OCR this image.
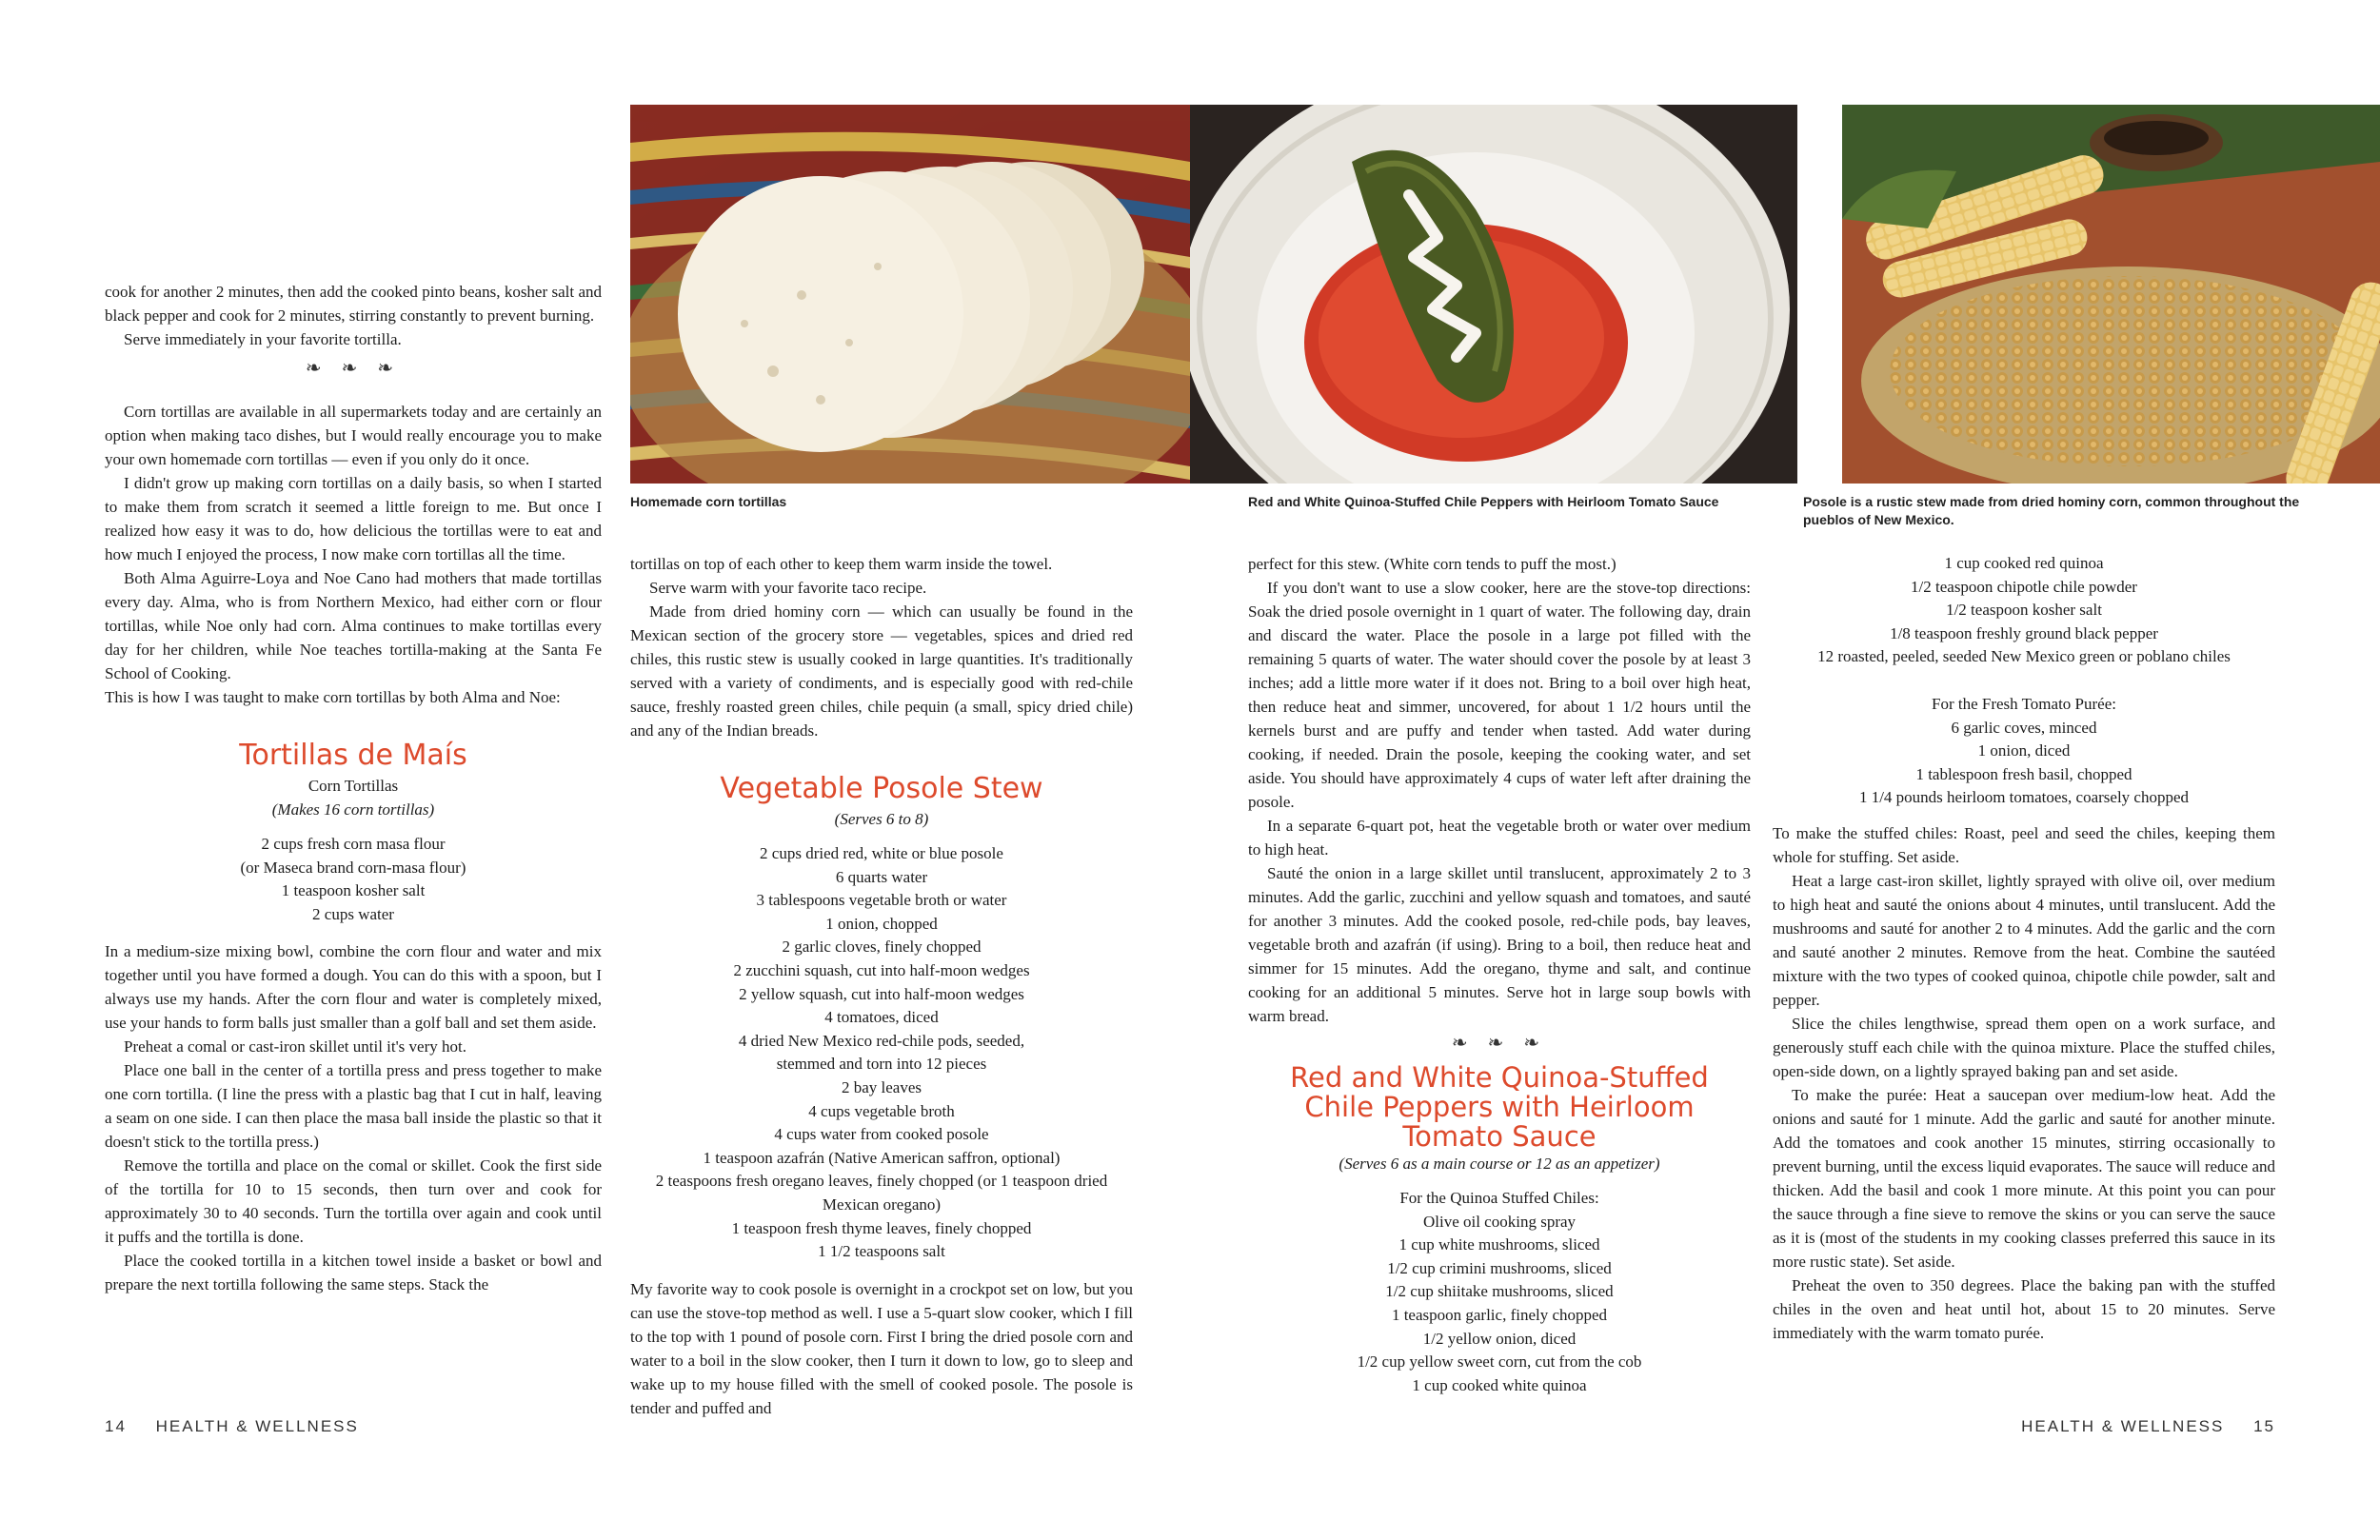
Homemade corn tortillas	Red and White Quinoa-Stuffed Chile Peppers with Heirloom Tomato Sauce	Posole is a rustic stew made from dried hominy corn, common throughout the pueblos of New Mexico.

cook for another 2 minutes, then add the cooked pinto beans, kosher salt and black pepper and cook for 2 minutes, stirring constantly to prevent burning.

Serve immediately in your favorite tortilla.

❧ ❧ ❧

Corn tortillas are available in all supermarkets today and are certainly an option when making taco dishes, but I would really encourage you to make your own homemade corn tortillas — even if you only do it once.

I didn't grow up making corn tortillas on a daily basis, so when I started to make them from scratch it seemed a little foreign to me. But once I realized how easy it was to do, how delicious the tortillas were to eat and how much I enjoyed the process, I now make corn tortillas all the time.

Both Alma Aguirre-Loya and Noe Cano had mothers that made tortillas every day. Alma, who is from Northern Mexico, had either corn or flour tortillas, while Noe only had corn. Alma continues to make tortillas every day for her children, while Noe teaches tortilla-making at the Santa Fe School of Cooking.

This is how I was taught to make corn tortillas by both Alma and Noe:

Tortillas de Maís
Corn Tortillas
(Makes 16 corn tortillas)
2 cups fresh corn masa flour
(or Maseca brand corn-masa flour)
1 teaspoon kosher salt
2 cups water

In a medium-size mixing bowl, combine the corn flour and water and mix together until you have formed a dough. You can do this with a spoon, but I always use my hands. After the corn flour and water is completely mixed, use your hands to form balls just smaller than a golf ball and set them aside.

Preheat a comal or cast-iron skillet until it's very hot.

Place one ball in the center of a tortilla press and press together to make one corn tortilla. (I line the press with a plastic bag that I cut in half, leaving a seam on one side. I can then place the masa ball inside the plastic so that it doesn't stick to the tortilla press.)

Remove the tortilla and place on the comal or skillet. Cook the first side of the tortilla for 10 to 15 seconds, then turn over and cook for approximately 30 to 40 seconds. Turn the tortilla over again and cook until it puffs and the tortilla is done.

Place the cooked tortilla in a kitchen towel inside a basket or bowl and prepare the next tortilla following the same steps. Stack the

tortillas on top of each other to keep them warm inside the towel.

Serve warm with your favorite taco recipe.

Made from dried hominy corn — which can usually be found in the Mexican section of the grocery store — vegetables, spices and dried red chiles, this rustic stew is usually cooked in large quantities. It's traditionally served with a variety of condiments, and is especially good with red-chile sauce, freshly roasted green chiles, chile pequin (a small, spicy dried chile) and any of the Indian breads.

Vegetable Posole Stew
(Serves 6 to 8)
2 cups dried red, white or blue posole
6 quarts water
3 tablespoons vegetable broth or water
1 onion, chopped
2 garlic cloves, finely chopped
2 zucchini squash, cut into half-moon wedges
2 yellow squash, cut into half-moon wedges
4 tomatoes, diced
4 dried New Mexico red-chile pods, seeded,
stemmed and torn into 12 pieces
2 bay leaves
4 cups vegetable broth
4 cups water from cooked posole
1 teaspoon azafrán (Native American saffron, optional)
2 teaspoons fresh oregano leaves, finely chopped (or 1 teaspoon dried
Mexican oregano)
1 teaspoon fresh thyme leaves, finely chopped
1 1/2 teaspoons salt

My favorite way to cook posole is overnight in a crockpot set on low, but you can use the stove-top method as well. I use a 5-quart slow cooker, which I fill to the top with 1 pound of posole corn. First I bring the dried posole corn and water to a boil in the slow cooker, then I turn it down to low, go to sleep and wake up to my house filled with the smell of cooked posole. The posole is tender and puffed and

perfect for this stew. (White corn tends to puff the most.)

If you don't want to use a slow cooker, here are the stove-top directions: Soak the dried posole overnight in 1 quart of water. The following day, drain and discard the water. Place the posole in a large pot filled with the remaining 5 quarts of water. The water should cover the posole by at least 3 inches; add a little more water if it does not. Bring to a boil over high heat, then reduce heat and simmer, uncovered, for about 1 1/2 hours until the kernels burst and are puffy and tender when tasted. Add water during cooking, if needed. Drain the posole, keeping the cooking water, and set aside. You should have approximately 4 cups of water left after draining the posole.

In a separate 6-quart pot, heat the vegetable broth or water over medium to high heat.

Sauté the onion in a large skillet until translucent, approximately 2 to 3 minutes. Add the garlic, zucchini and yellow squash and tomatoes, and sauté for another 3 minutes. Add the cooked posole, red-chile pods, bay leaves, vegetable broth and azafrán (if using). Bring to a boil, then reduce heat and simmer for 15 minutes. Add the oregano, thyme and salt, and continue cooking for an additional 5 minutes. Serve hot in large soup bowls with warm bread.

❧ ❧ ❧
Red and White Quinoa-Stuffed
Chile Peppers with Heirloom
Tomato Sauce
(Serves 6 as a main course or 12 as an appetizer)
For the Quinoa Stuffed Chiles:
Olive oil cooking spray
1 cup white mushrooms, sliced
1/2 cup crimini mushrooms, sliced
1/2 cup shiitake mushrooms, sliced
1 teaspoon garlic, finely chopped
1/2 yellow onion, diced
1/2 cup yellow sweet corn, cut from the cob
1 cup cooked white quinoa
1 cup cooked red quinoa
1/2 teaspoon chipotle chile powder
1/2 teaspoon kosher salt
1/8 teaspoon freshly ground black pepper
12 roasted, peeled, seeded New Mexico green or poblano chiles
For the Fresh Tomato Purée:
6 garlic coves, minced
1 onion, diced
1 tablespoon fresh basil, chopped
1 1/4 pounds heirloom tomatoes, coarsely chopped

To make the stuffed chiles: Roast, peel and seed the chiles, keeping them whole for stuffing. Set aside.

Heat a large cast-iron skillet, lightly sprayed with olive oil, over medium to high heat and sauté the onions about 4 minutes, until translucent. Add the mushrooms and sauté for another 2 to 4 minutes. Add the garlic and the corn and sauté another 2 minutes. Remove from the heat. Combine the sautéed mixture with the two types of cooked quinoa, chipotle chile powder, salt and pepper.

Slice the chiles lengthwise, spread them open on a work surface, and generously stuff each chile with the quinoa mixture. Place the stuffed chiles, open-side down, on a lightly sprayed baking pan and set aside.

To make the purée: Heat a saucepan over medium-low heat. Add the onions and sauté for 1 minute. Add the garlic and sauté for another minute. Add the tomatoes and cook another 15 minutes, stirring occasionally to prevent burning, until the excess liquid evaporates. The sauce will reduce and thicken. Add the basil and cook 1 more minute. At this point you can pour the sauce through a fine sieve to remove the skins or you can serve the sauce as it is (most of the students in my cooking classes preferred this sauce in its more rustic state). Set aside.

Preheat the oven to 350 degrees. Place the baking pan with the stuffed chiles in the oven and heat until hot, about 15 to 20 minutes. Serve immediately with the warm tomato purée.

14 HEALTH & WELLNESS	HEALTH & WELLNESS 15
